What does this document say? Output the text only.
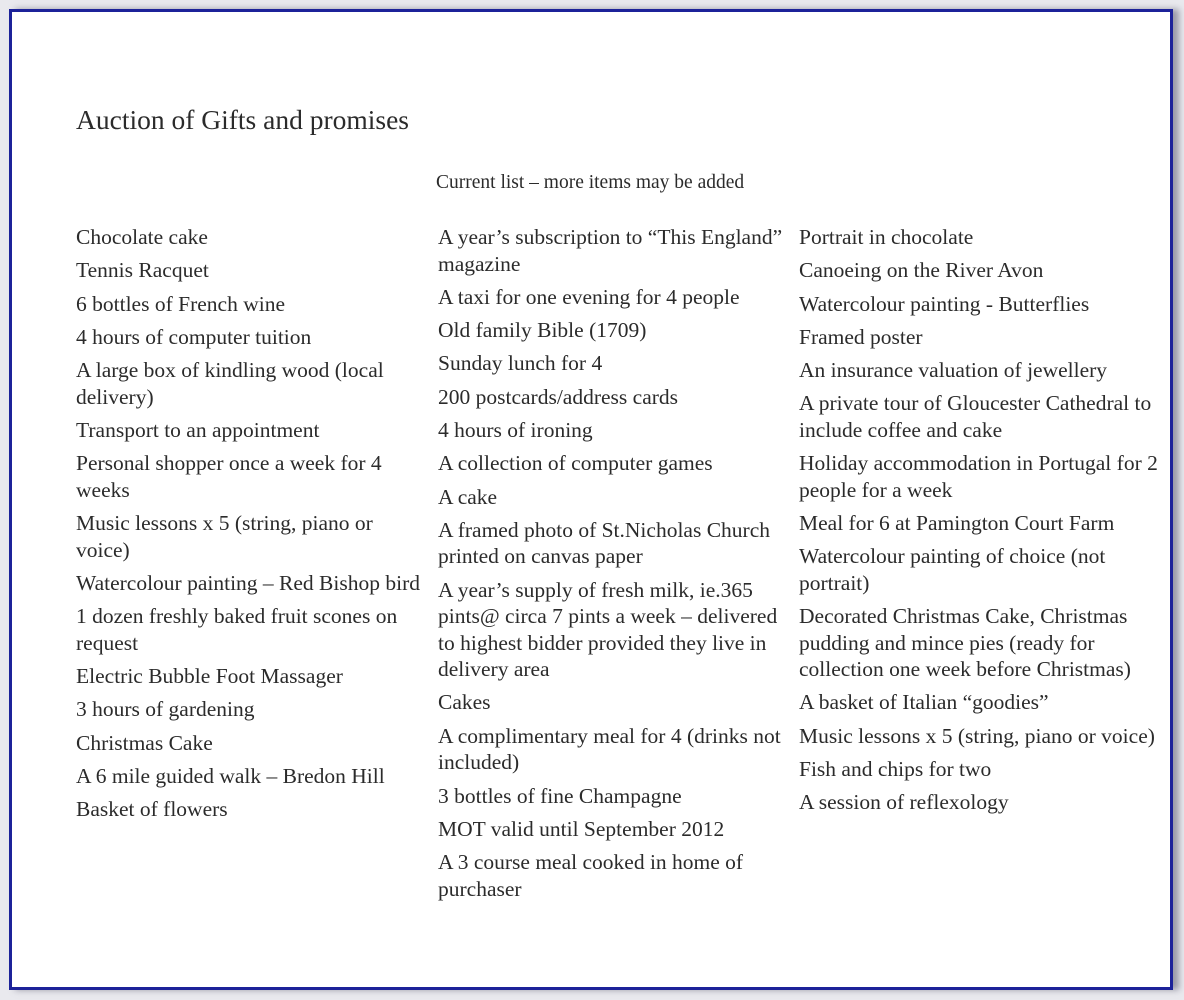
Auction of Gifts and promises

Current list – more items may be added

Chocolate cake
Tennis Racquet
6 bottles of French wine
4 hours of computer tuition
A large box of kindling wood (local delivery)
Transport to an appointment
Personal shopper once a week for 4 weeks
Music lessons x 5 (string, piano or voice)
Watercolour painting – Red Bishop bird
1 dozen freshly baked fruit scones on request
Electric Bubble Foot Massager
3 hours of gardening
Christmas Cake
A 6 mile guided walk – Bredon Hill
Basket of flowers
A year’s subscription to “This England” magazine
A taxi for one evening for 4 people
Old family Bible (1709)
Sunday lunch for 4
200 postcards/address cards
4 hours of ironing
A collection of computer games
A cake
A framed photo of St.Nicholas Church printed on canvas paper
A year’s supply of fresh milk, ie.365 pints@ circa 7 pints a week – delivered to highest bidder provided they live in delivery area
Cakes
A complimentary meal for 4 (drinks not included)
3 bottles of fine Champagne
MOT valid until September 2012
A 3 course meal cooked in home of purchaser
Portrait in chocolate
Canoeing on the River Avon
Watercolour painting - Butterflies
Framed poster
An insurance valuation of jewellery
A private tour of Gloucester Cathedral to include coffee and cake
Holiday accommodation in Portugal for 2 people for a week
Meal for 6 at Pamington Court Farm
Watercolour painting of choice (not portrait)
Decorated Christmas Cake, Christmas pudding and mince pies (ready for collection one week before Christmas)
A basket of Italian “goodies”
Music lessons x 5 (string, piano or voice)
Fish and chips for two
A session of reflexology
